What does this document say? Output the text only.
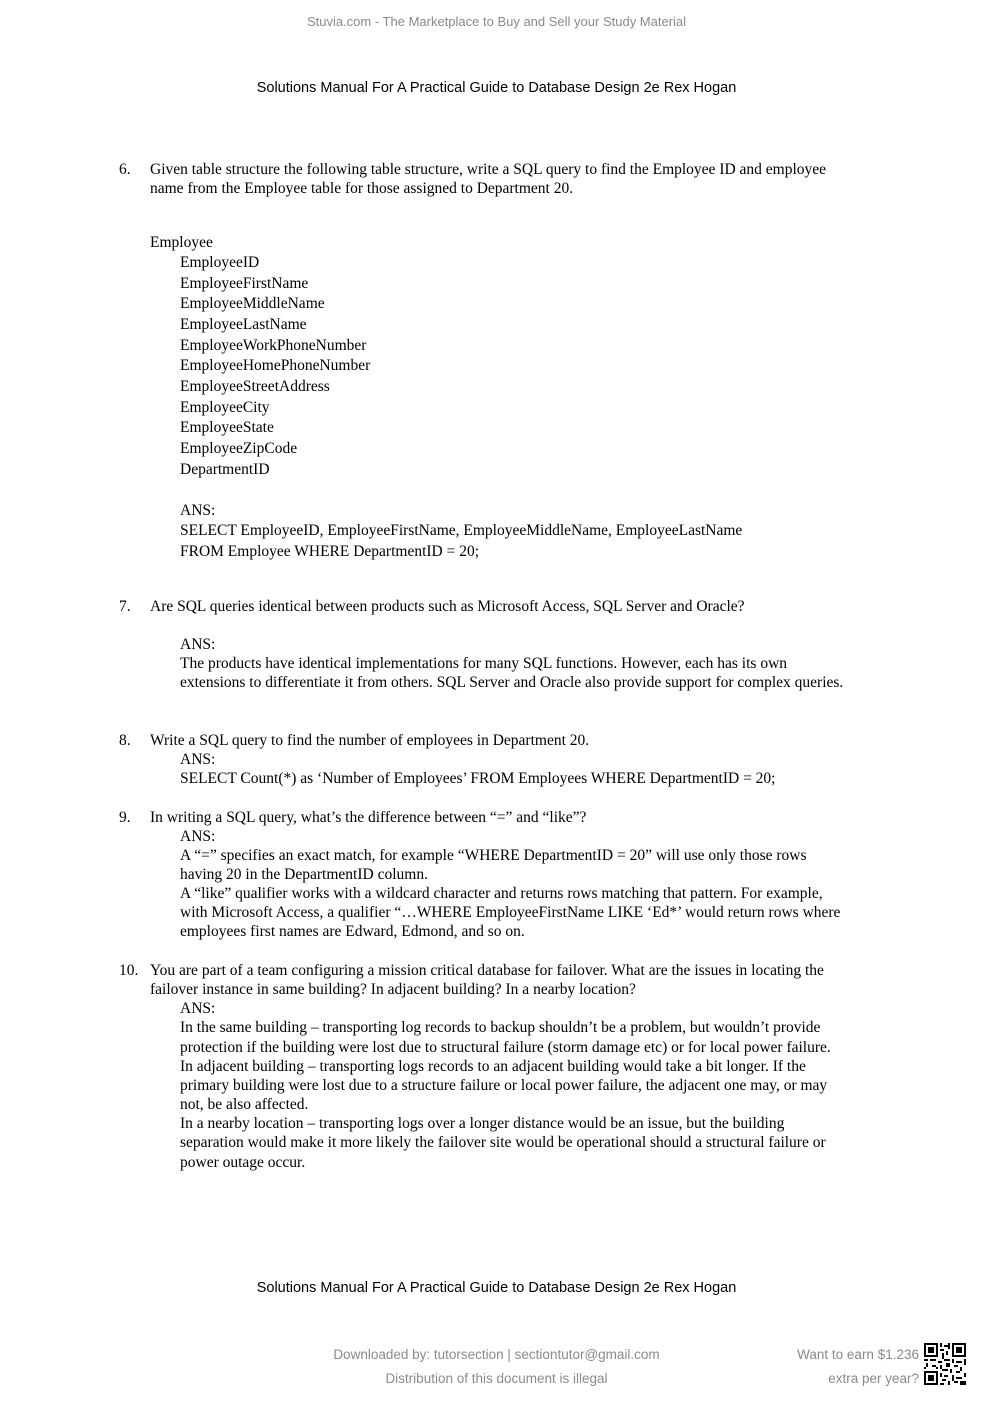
Stuvia.com - The Marketplace to Buy and Sell your Study Material
Solutions Manual For A Practical Guide to Database Design 2e Rex Hogan
6. Given table structure the following table structure, write a SQL query to find the Employee ID and employee
name from the Employee table for those assigned to Department 20.
Employee
EmployeeID
EmployeeFirstName
EmployeeMiddleName
EmployeeLastName
EmployeeWorkPhoneNumber
EmployeeHomePhoneNumber
EmployeeStreetAddress
EmployeeCity
EmployeeState
EmployeeZipCode
DepartmentID
ANS:
SELECT EmployeeID, EmployeeFirstName, EmployeeMiddleName, EmployeeLastName
FROM Employee WHERE DepartmentID = 20;
7. Are SQL queries identical between products such as Microsoft Access, SQL Server and Oracle?
ANS:
The products have identical implementations for many SQL functions. However, each has its own
extensions to differentiate it from others. SQL Server and Oracle also provide support for complex queries.
8. Write a SQL query to find the number of employees in Department 20.
ANS:
SELECT Count(*) as ‘Number of Employees’ FROM Employees WHERE DepartmentID = 20;
9. In writing a SQL query, what’s the difference between “=” and “like”?
ANS:
A “=” specifies an exact match, for example “WHERE DepartmentID = 20” will use only those rows
having 20 in the DepartmentID column.
A “like” qualifier works with a wildcard character and returns rows matching that pattern. For example,
with Microsoft Access, a qualifier “…WHERE EmployeeFirstName LIKE ‘Ed*’ would return rows where
employees first names are Edward, Edmond, and so on.
10. You are part of a team configuring a mission critical database for failover. What are the issues in locating the
failover instance in same building? In adjacent building? In a nearby location?
ANS:
In the same building – transporting log records to backup shouldn’t be a problem, but wouldn’t provide
protection if the building were lost due to structural failure (storm damage etc) or for local power failure.
In adjacent building – transporting logs records to an adjacent building would take a bit longer. If the
primary building were lost due to a structure failure or local power failure, the adjacent one may, or may
not, be also affected.
In a nearby location – transporting logs over a longer distance would be an issue, but the building
separation would make it more likely the failover site would be operational should a structural failure or
power outage occur.
Solutions Manual For A Practical Guide to Database Design 2e Rex Hogan
Downloaded by: tutorsection | sectiontutor@gmail.com
Distribution of this document is illegal
Want to earn $1.236
extra per year?
